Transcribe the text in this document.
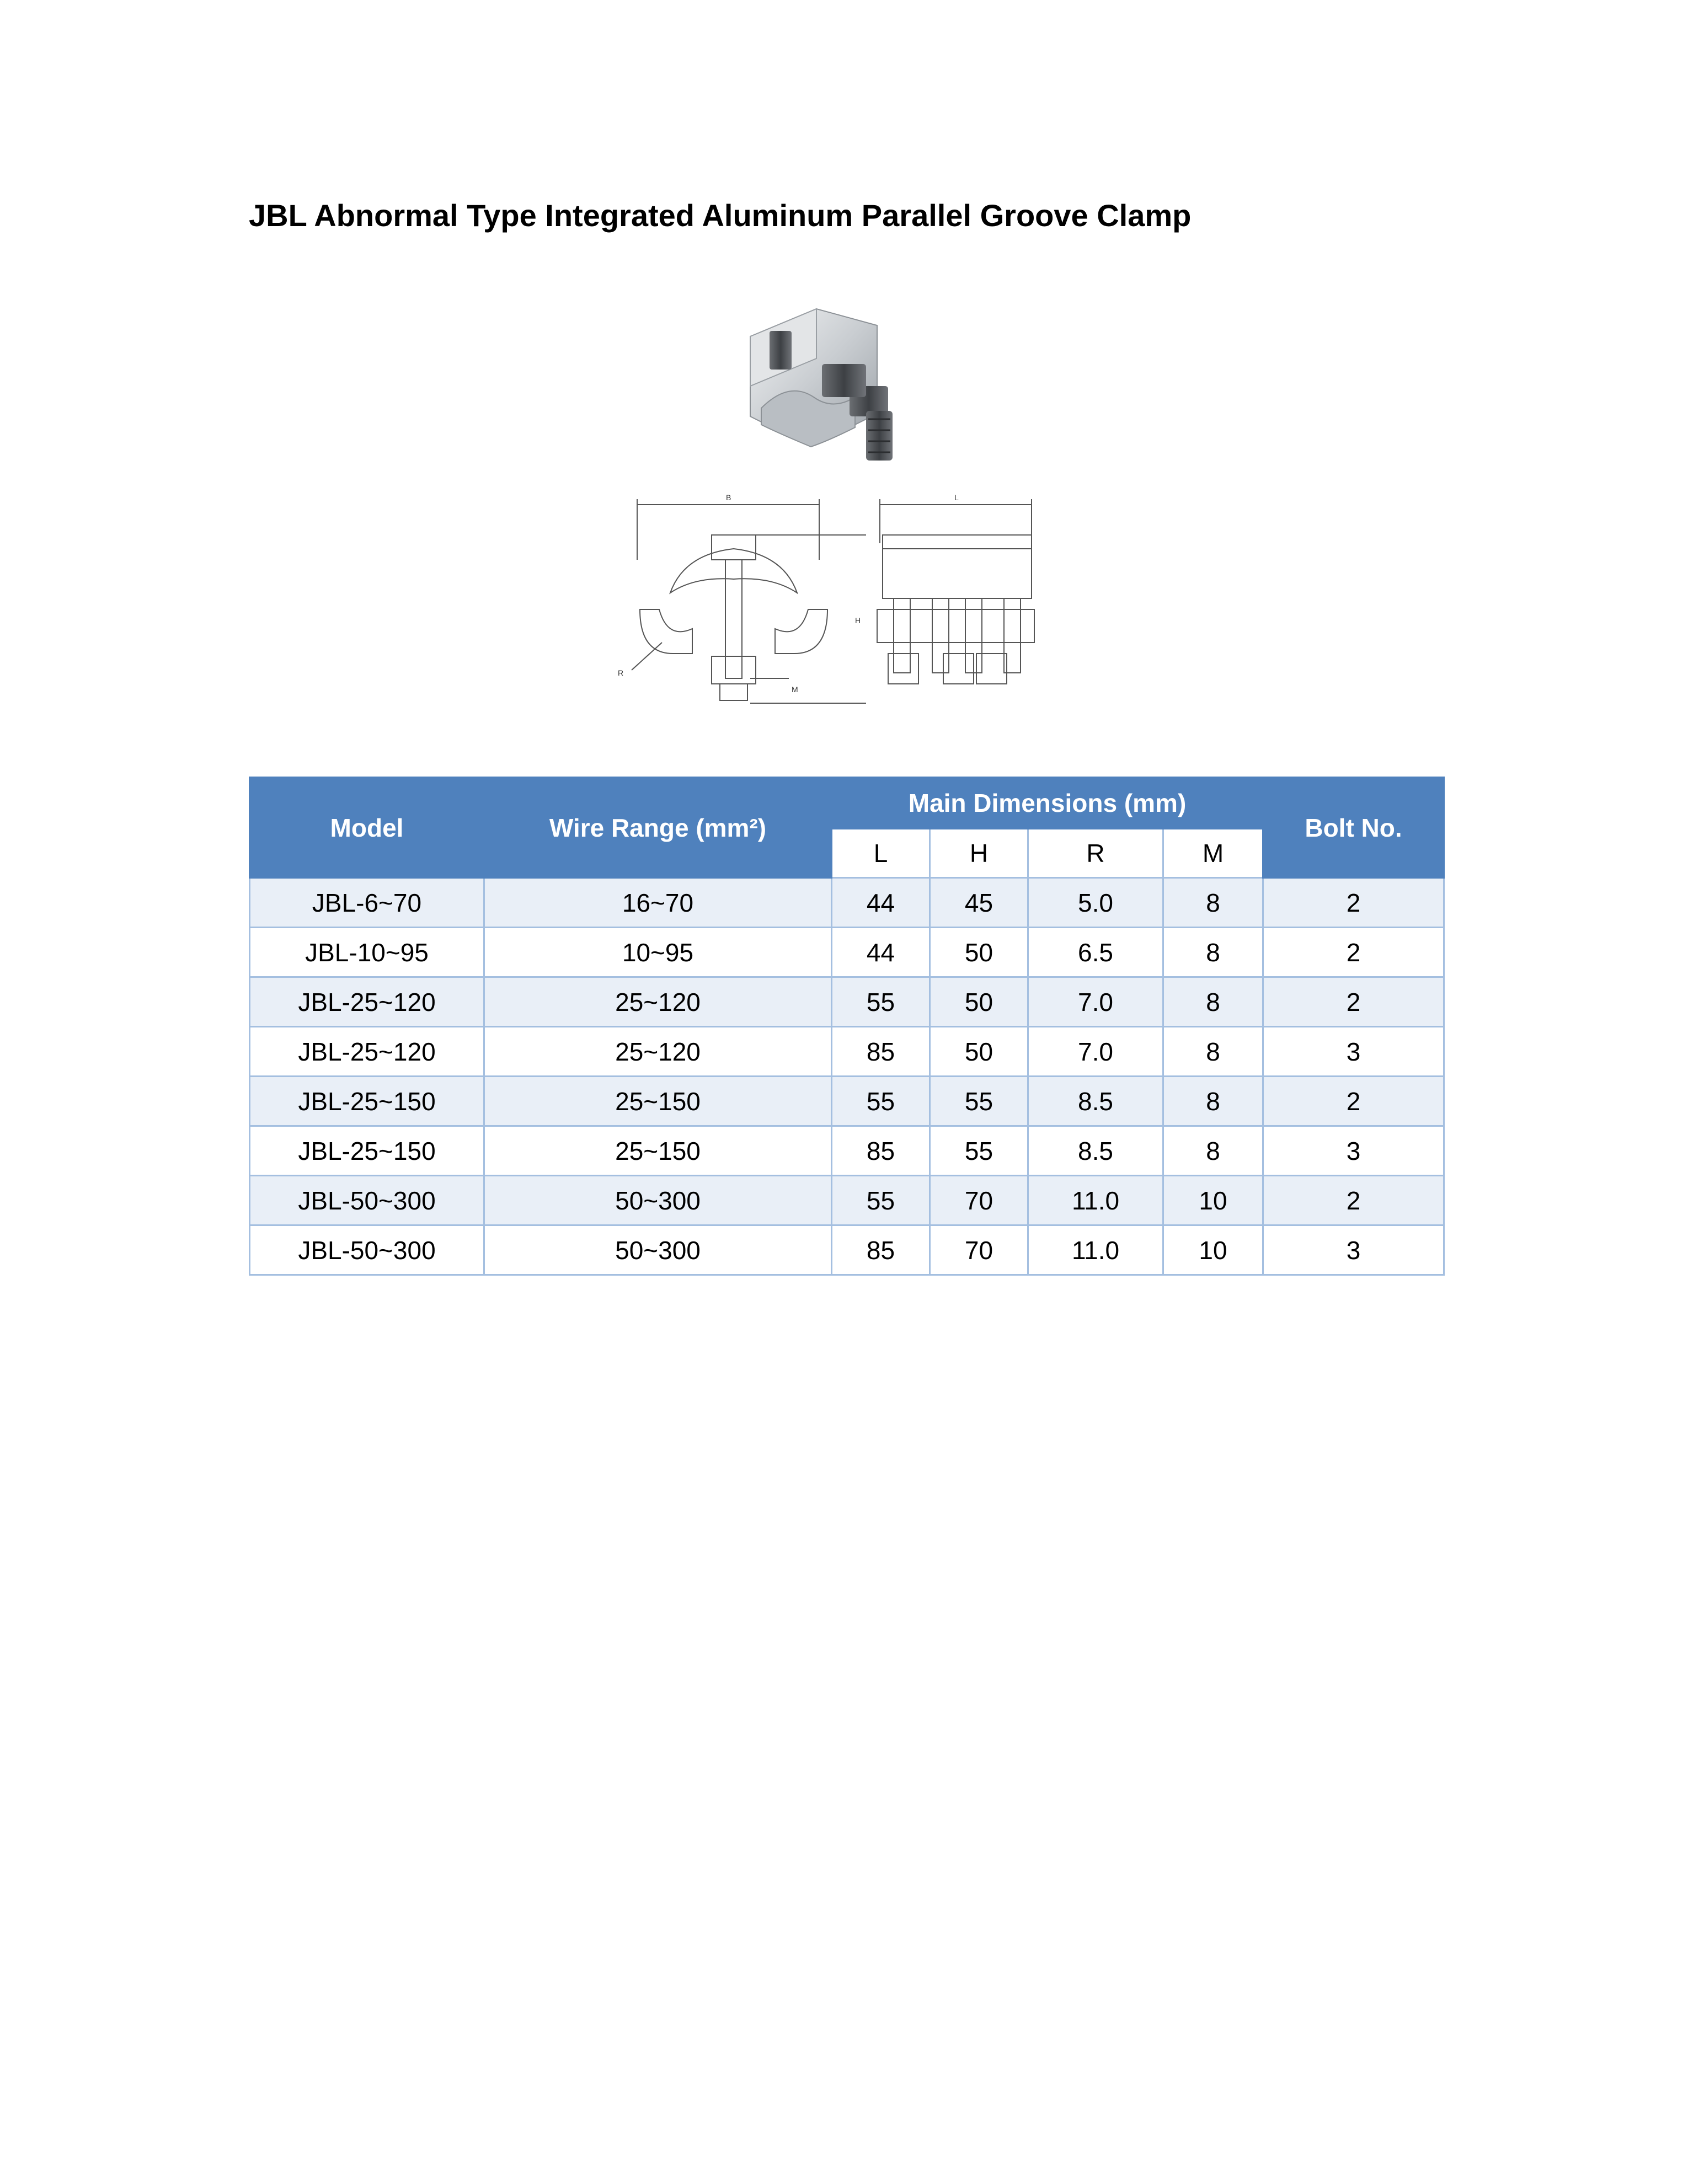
JBL Abnormal Type Integrated Aluminum Parallel Groove Clamp
B
H
R
M
L
Model	Wire Range (mm²)	Main Dimensions (mm)				Bolt No.
		L	H	R	M	
JBL-6~70	16~70	44	45	5.0	8	2
JBL-10~95	10~95	44	50	6.5	8	2
JBL-25~120	25~120	55	50	7.0	8	2
JBL-25~120	25~120	85	50	7.0	8	3
JBL-25~150	25~150	55	55	8.5	8	2
JBL-25~150	25~150	85	55	8.5	8	3
JBL-50~300	50~300	55	70	11.0	10	2
JBL-50~300	50~300	85	70	11.0	10	3
